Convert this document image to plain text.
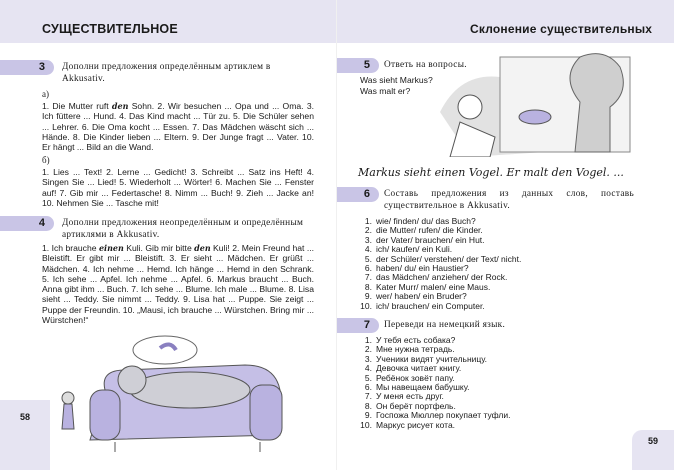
СУЩЕСТВИТЕЛЬНОЕ	Склонение существительных
3	Дополни предложения определённым артиклем в Akkusativ.
а)
1. Die Mutter ruft den Sohn. 2. Wir besuchen ... Opa und ... Oma. 3. Ich füttere ... Hund. 4. Das Kind macht ... Tür zu. 5. Die Schüler sehen ... Lehrer. 6. Die Oma kocht ... Essen. 7. Das Mädchen wäscht sich ... Hände. 8. Die Kinder lieben ... Eltern. 9. Der Junge fragt ... Vater. 10. Er hängt ... Bild an die Wand.
б)
1. Lies ... Text! 2. Lerne ... Gedicht! 3. Schreibt ... Satz ins Heft! 4. Singen Sie ... Lied! 5. Wiederholt ... Wörter! 6. Machen Sie ... Fenster auf! 7. Gib mir ... Federtasche! 8. Nimm ... Buch! 9. Zieh ... Jacke an! 10. Nehmen Sie ... Tasche mit!
4	Дополни предложения неопределённым и определённым артиклями в Akkusativ.
1. Ich brauche einen Kuli. Gib mir bitte den Kuli! 2. Mein Freund hat ... Bleistift. Er gibt mir ... Bleistift. 3. Er sieht ... Mädchen. Er grüßt ... Mädchen. 4. Ich nehme ... Hemd. Ich hänge ... Hemd in den Schrank. 5. Ich sehe ... Apfel. Ich nehme ... Apfel. 6. Markus braucht ... Buch. Anna gibt ihm ... Buch. 7. Ich sehe ... Blume. Ich male ... Blume. 8. Lisa sieht ... Teddy. Sie nimmt ... Teddy. 9. Lisa hat ... Puppe. Sie zeigt ... Puppe der Freundin. 10. „Mausi, ich brauche ... Würstchen. Bring mir ... Würstchen!“
58
5	Ответь на вопросы.
Was sieht Markus?
Was malt er?
Markus sieht einen Vogel. Er malt den Vogel. ...
6	Составь предложения из данных слов, поставь существительное в Akkusativ.
1. wie/ finden/ du/ das Buch?
2. die Mutter/ rufen/ die Kinder.
3. der Vater/ brauchen/ ein Hut.
4. ich/ kaufen/ ein Kuli.
5. der Schüler/ verstehen/ der Text/ nicht.
6. haben/ du/ ein Haustier?
7. das Mädchen/ anziehen/ der Rock.
8. Kater Murr/ malen/ eine Maus.
9. wer/ haben/ ein Bruder?
10. ich/ brauchen/ ein Computer.
7	Переведи на немецкий язык.
1. У тебя есть собака?
2. Мне нужна тетрадь.
3. Ученики видят учительницу.
4. Девочка читает книгу.
5. Ребёнок зовёт папу.
6. Мы навещаем бабушку.
7. У меня есть друг.
8. Он берёт портфель.
9. Госпожа Мюллер покупает туфли.
10. Маркус рисует кота.
59
